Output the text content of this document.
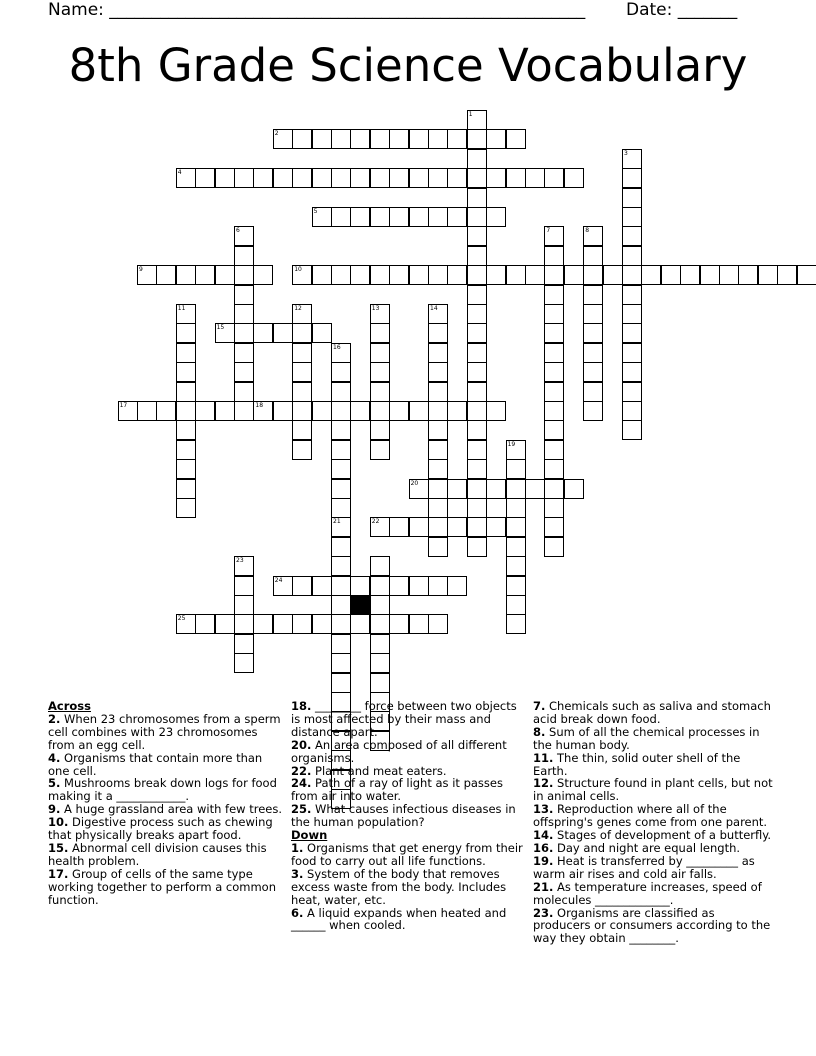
Name: ________________________________________________________ Date: _______
8th Grade Science Vocabulary
2
4
5
9	10
15
17	18
20
22
24
25
1
3
6	7	8
11	12	13	14
16
19
21
23
Across

2. When 23 chromosomes from a sperm cell combines with 23 chromosomes from an egg cell.

4. Organisms that contain more than one cell.

5. Mushrooms break down logs for food making it a ____________.

9. A huge grassland area with few trees.

10. Digestive process such as chewing that physically breaks apart food.

15. Abnormal cell division causes this health problem.

17. Group of cells of the same type working together to perform a common function.

18. ________ force between two objects is most affected by their mass and distance apart.

20. An area composed of all different organisms.

22. Plant and meat eaters.

24. Path of a ray of light as it passes from air into water.

25. What causes infectious diseases in the human population?

Down

1. Organisms that get energy from their food to carry out all life functions.

3. System of the body that removes excess waste from the body. Includes heat, water, etc.

6. A liquid expands when heated and ______ when cooled.

7. Chemicals such as saliva and stomach acid break down food.

8. Sum of all the chemical processes in the human body.

11. The thin, solid outer shell of the Earth.

12. Structure found in plant cells, but not in animal cells.

13. Reproduction where all of the offspring's genes come from one parent.

14. Stages of development of a butterfly.

16. Day and night are equal length.

19. Heat is transferred by _________ as warm air rises and cold air falls.

21. As temperature increases, speed of molecules _____________.

23. Organisms are classified as producers or consumers according to the way they obtain ________.
